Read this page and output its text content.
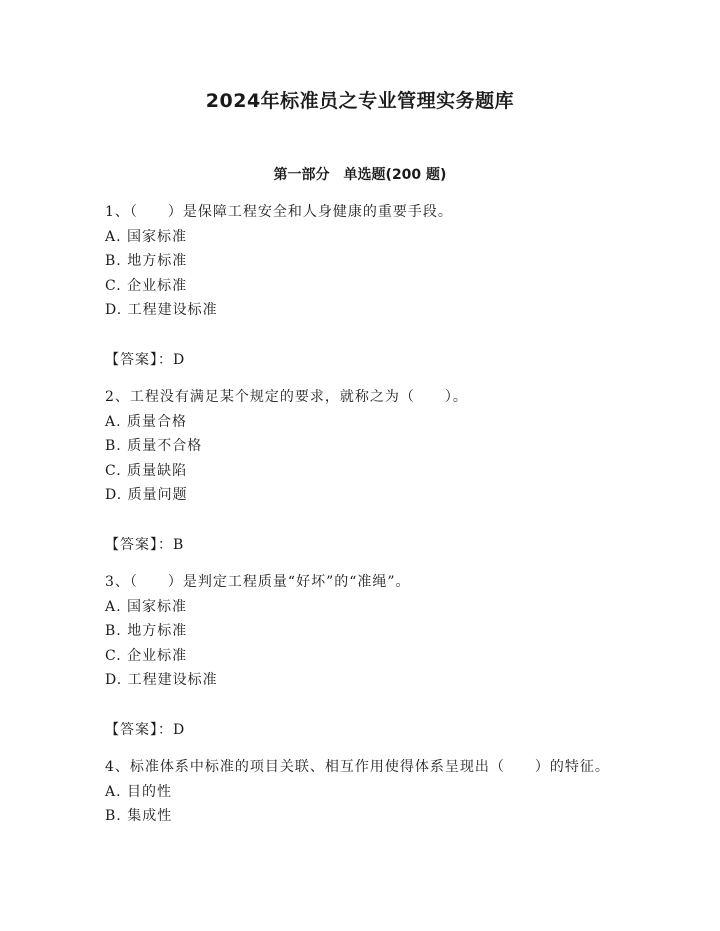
2024年标准员之专业管理实务题库
第一部分　单选题(200 题)
1、（　　）是保障工程安全和人身健康的重要手段。
A. 国家标准
B. 地方标准
C. 企业标准
D. 工程建设标准
【答案】：D
2、工程没有满足某个规定的要求，就称之为（　　）。
A. 质量合格
B. 质量不合格
C. 质量缺陷
D. 质量问题
【答案】：B
3、（　　）是判定工程质量“好坏”的“准绳”。
A. 国家标准
B. 地方标准
C. 企业标准
D. 工程建设标准
【答案】：D
4、标准体系中标准的项目关联、相互作用使得体系呈现出（　　）的特征。
A. 目的性
B. 集成性
